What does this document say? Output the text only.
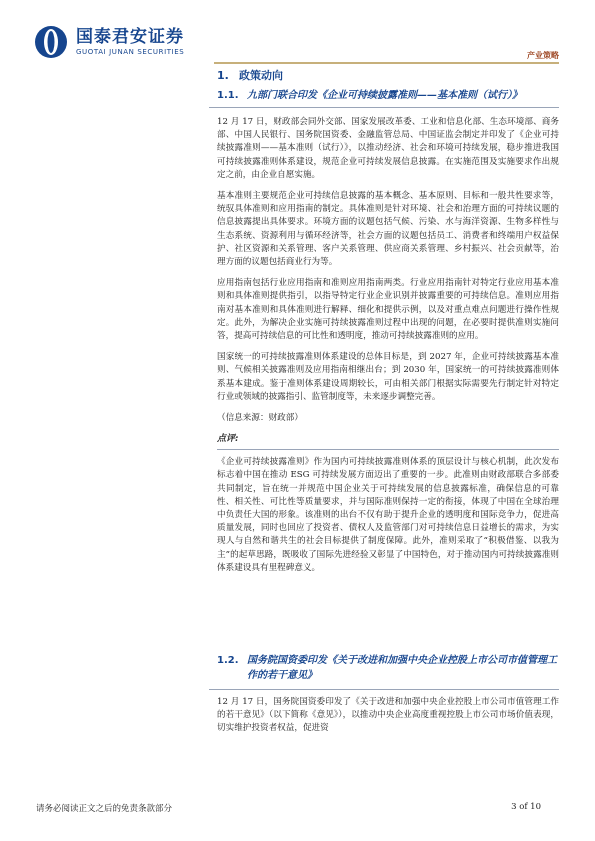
国泰君安证券
GUOTAI JUNAN SECURITIES	产业策略
1. 政策动向
1.1. 九部门联合印发《企业可持续披露准则——基本准则（试行）》

12 月 17 日，财政部会同外交部、国家发展改革委、工业和信息化部、生态环境部、商务部、中国人民银行、国务院国资委、金融监管总局、中国证监会制定并印发了《企业可持续披露准则——基本准则（试行）》，以推动经济、社会和环境可持续发展，稳步推进我国可持续披露准则体系建设，规范企业可持续发展信息披露。在实施范围及实施要求作出规定之前，由企业自愿实施。

基本准则主要规范企业可持续信息披露的基本概念、基本原则、目标和一般共性要求等，统驭具体准则和应用指南的制定。具体准则是针对环境、社会和治理方面的可持续议题的信息披露提出具体要求。环境方面的议题包括气候、污染、水与海洋资源、生物多样性与生态系统、资源利用与循环经济等，社会方面的议题包括员工、消费者和终端用户权益保护、社区资源和关系管理、客户关系管理、供应商关系管理、乡村振兴、社会贡献等，治理方面的议题包括商业行为等。

应用指南包括行业应用指南和准则应用指南两类。行业应用指南针对特定行业应用基本准则和具体准则提供指引，以指导特定行业企业识别并披露重要的可持续信息。准则应用指南对基本准则和具体准则进行解释、细化和提供示例，以及对重点难点问题进行操作性规定。此外，为解决企业实施可持续披露准则过程中出现的问题，在必要时提供准则实施问答，提高可持续信息的可比性和透明度，推动可持续披露准则的应用。

国家统一的可持续披露准则体系建设的总体目标是，到 2027 年，企业可持续披露基本准则、气候相关披露准则及应用指南相继出台；到 2030 年，国家统一的可持续披露准则体系基本建成。鉴于准则体系建设周期较长，可由相关部门根据实际需要先行制定针对特定行业或领域的披露指引、监管制度等，未来逐步调整完善。

（信息来源：财政部）

点评:

《企业可持续披露准则》作为国内可持续披露准则体系的顶层设计与核心机制，此次发布标志着中国在推动 ESG 可持续发展方面迈出了重要的一步。此准则由财政部联合多部委共同制定，旨在统一并规范中国企业关于可持续发展的信息披露标准，确保信息的可靠性、相关性、可比性等质量要求，并与国际准则保持一定的衔接，体现了中国在全球治理中负责任大国的形象。该准则的出台不仅有助于提升企业的透明度和国际竞争力，促进高质量发展，同时也回应了投资者、债权人及监管部门对可持续信息日益增长的需求，为实现人与自然和谐共生的社会目标提供了制度保障。此外，准则采取了“积极借鉴、以我为主”的起草思路，既吸收了国际先进经验又彰显了中国特色，对于推动国内可持续披露准则体系建设具有里程碑意义。

1.2. 国务院国资委印发《关于改进和加强中央企业控股上市公司市值管理工作的若干意见》

12 月 17 日，国务院国资委印发了《关于改进和加强中央企业控股上市公司市值管理工作的若干意见》（以下简称《意见》），以推动中央企业高度重视控股上市公司市场价值表现，切实维护投资者权益，促进资

请务必阅读正文之后的免责条款部分	3 of 10
